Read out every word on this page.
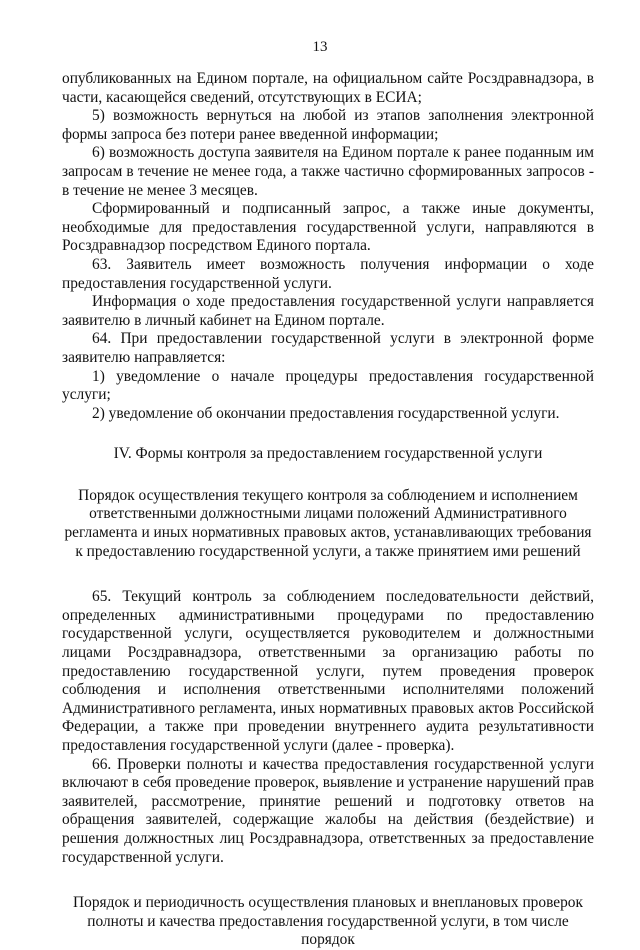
13

опубликованных на Едином портале, на официальном сайте Росздравнадзора, в части, касающейся сведений, отсутствующих в ЕСИА;

5) возможность вернуться на любой из этапов заполнения электронной формы запроса без потери ранее введенной информации;

6) возможность доступа заявителя на Едином портале к ранее поданным им запросам в течение не менее года, а также частично сформированных запросов - в течение не менее 3 месяцев.

Сформированный и подписанный запрос, а также иные документы, необходимые для предоставления государственной услуги, направляются в Росздравнадзор посредством Единого портала.

63. Заявитель имеет возможность получения информации о ходе предоставления государственной услуги.

Информация о ходе предоставления государственной услуги направляется заявителю в личный кабинет на Едином портале.

64. При предоставлении государственной услуги в электронной форме заявителю направляется:

1) уведомление о начале процедуры предоставления государственной услуги;

2) уведомление об окончании предоставления государственной услуги.

IV. Формы контроля за предоставлением государственной услуги

Порядок осуществления текущего контроля за соблюдением и исполнением ответственными должностными лицами положений Административного регламента и иных нормативных правовых актов, устанавливающих требования к предоставлению государственной услуги, а также принятием ими решений

65. Текущий контроль за соблюдением последовательности действий, определенных административными процедурами по предоставлению государственной услуги, осуществляется руководителем и должностными лицами Росздравнадзора, ответственными за организацию работы по предоставлению государственной услуги, путем проведения проверок соблюдения и исполнения ответственными исполнителями положений Административного регламента, иных нормативных правовых актов Российской Федерации, а также при проведении внутреннего аудита результативности предоставления государственной услуги (далее - проверка).

66. Проверки полноты и качества предоставления государственной услуги включают в себя проведение проверок, выявление и устранение нарушений прав заявителей, рассмотрение, принятие решений и подготовку ответов на обращения заявителей, содержащие жалобы на действия (бездействие) и решения должностных лиц Росздравнадзора, ответственных за предоставление государственной услуги.

Порядок и периодичность осуществления плановых и внеплановых проверок полноты и качества предоставления государственной услуги, в том числе порядок
